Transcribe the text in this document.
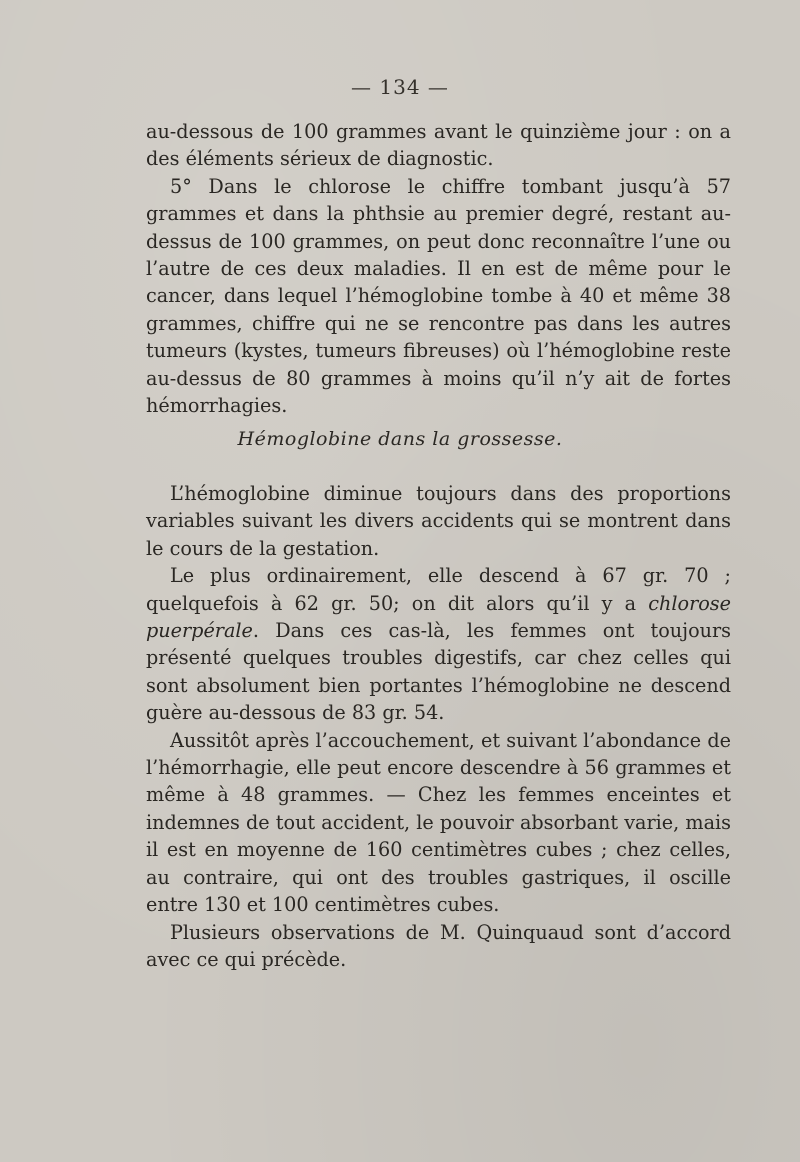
— 134 —

au-dessous de 100 grammes avant le quinzième jour : on a des éléments sérieux de diagnostic.

5° Dans le chlorose le chiffre tombant jusqu’à 57 grammes et dans la phthsie au premier degré, restant au-dessus de 100 grammes, on peut donc reconnaître l’une ou l’autre de ces deux maladies. Il en est de même pour le cancer, dans lequel l’hémoglobine tombe à 40 et même 38 grammes, chiffre qui ne se rencontre pas dans les autres tumeurs (kystes, tumeurs fibreuses) où l’hémoglobine reste au-dessus de 80 grammes à moins qu’il n’y ait de fortes hémorrhagies.

Hémoglobine dans la grossesse.

L’hémoglobine diminue toujours dans des proportions variables suivant les divers accidents qui se montrent dans le cours de la gestation.

Le plus ordinairement, elle descend à 67 gr. 70 ; quelquefois à 62 gr. 50; on dit alors qu’il y a chlorose puerpérale. Dans ces cas-là, les femmes ont toujours présenté quelques troubles digestifs, car chez celles qui sont absolument bien portantes l’hémoglobine ne descend guère au-dessous de 83 gr. 54.

Aussitôt après l’accouchement, et suivant l’abondance de l’hémorrhagie, elle peut encore descendre à 56 grammes et même à 48 grammes. — Chez les femmes enceintes et indemnes de tout accident, le pouvoir absorbant varie, mais il est en moyenne de 160 centimètres cubes ; chez celles, au contraire, qui ont des troubles gastriques, il oscille entre 130 et 100 centimètres cubes.

Plusieurs observations de M. Quinquaud sont d’accord avec ce qui précède.
